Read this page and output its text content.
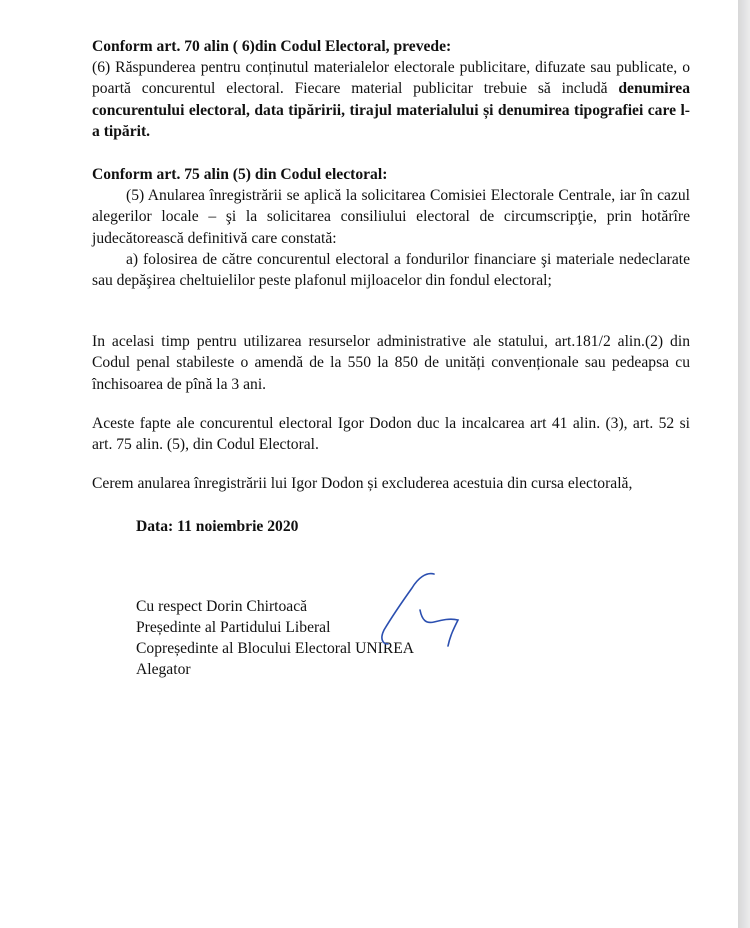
Conform art. 70 alin ( 6)din Codul Electoral, prevede:

(6) Răspunderea pentru conținutul materialelor electorale publicitare, difuzate sau publicate, o poartă concurentul electoral. Fiecare material publicitar trebuie să includă denumirea concurentului electoral, data tipăririi, tirajul materialului și denumirea tipografiei care l-a tipărit.

Conform art. 75 alin (5) din Codul electoral:

(5) Anularea înregistrării se aplică la solicitarea Comisiei Electorale Centrale, iar în cazul alegerilor locale – şi la solicitarea consiliului electoral de circumscripţie, prin hotărîre judecătorească definitivă care constată:

a) folosirea de către concurentul electoral a fondurilor financiare şi materiale nedeclarate sau depăşirea cheltuielilor peste plafonul mijloacelor din fondul electoral;

In acelasi timp pentru utilizarea resurselor administrative ale statului, art.181/2 alin.(2) din Codul penal stabileste o amendă de la 550 la 850 de unități convenționale sau pedeapsa cu închisoarea de pînă la 3 ani.

Aceste fapte ale concurentul electoral Igor Dodon duc la incalcarea art 41 alin. (3), art. 52 si art. 75 alin. (5), din Codul Electoral.

Cerem anularea înregistrării lui Igor Dodon și excluderea acestuia din cursa electorală,

Data: 11 noiembrie 2020

Cu respect Dorin Chirtoacă

Președinte al Partidului Liberal

Copreședinte al Blocului Electoral UNIREA

Alegator
